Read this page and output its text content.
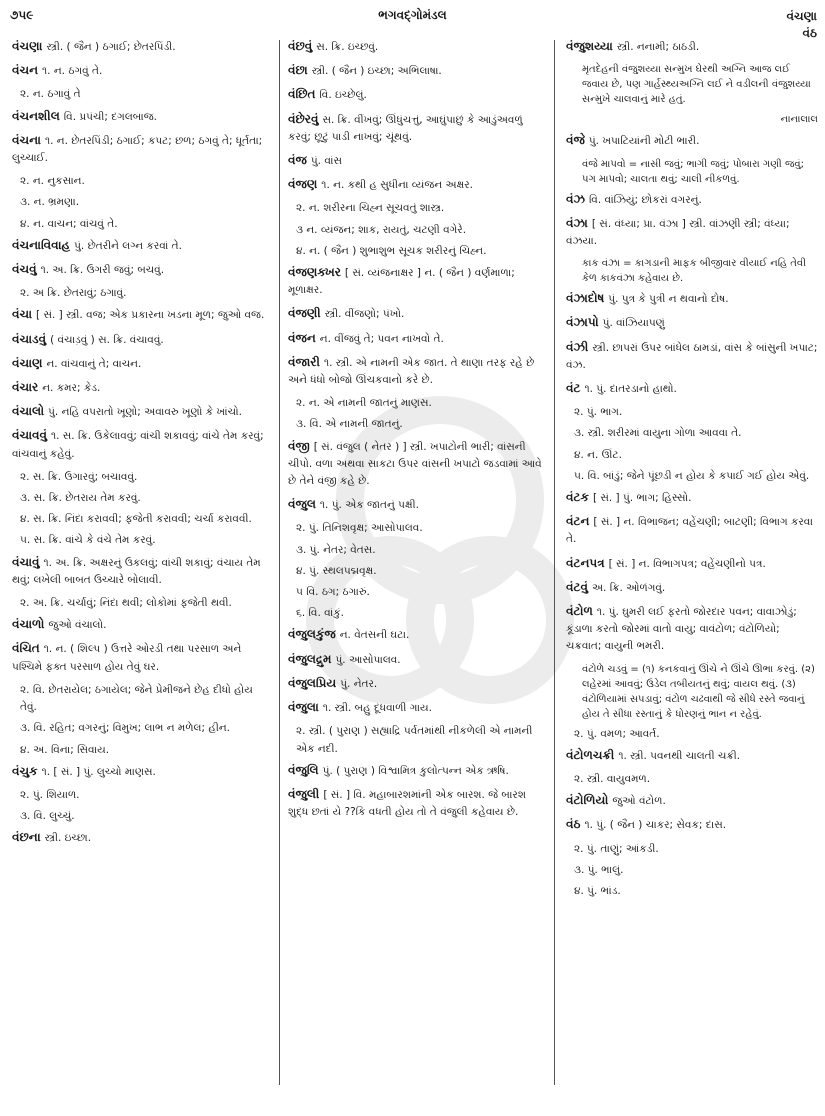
૭૫૯	ભગવદ્ગોમંડલ	વંચણા
વંઠ
વંચણા સ્ત્રી. ( જૈન ) ઠગાઈ; છેતરપિંડી.
વંચન ૧. ન. ઠગવું તે.
૨. ન. ઠગાવું તે
વંચનશીલ વિ. પ્રપંચી; દગલબાજ.
વંચના ૧. ન. છેતરપિંડી; ઠગાઈ; કપટ; છળ; ઠગવું તે; ધૂર્તતા; લુચ્ચાઈ.
૨. ન. નુકસાન.
૩. ન. ભ્રમણા.
૪. ન. વાચન; વાંચવું તે.
વંચનાવિવાહ પું. છેતરીને લગ્ન કરવાં તે.
વંચવું ૧. અ. ક્રિ. ઉગરી જવું; બચવું.
૨. અ ક્રિ. છેતરાવું; ઠગાવું.
વંચા [ સં. ] સ્ત્રી. વજ; એક પ્રકારના ખડના મૂળ; જુઓ વજ.
વંચાડવું ( વંચાડ઼વું ) સ. ક્રિ. વંચાવવું.
વંચાણ ન. વાંચવાનું તે; વાચન.
વંચાર ન. કમર; કેડ.
વંચાલો પું. નહિ વપરાતો ખૂણો; અવાવરુ ખૂણો કે ખાંચો.
વંચાવવું ૧. સ. ક્રિ. ઉકેલાવવું; વાંચી શકાવવું; વાંચે તેમ કરવું; વાંચવાનું કહેવું.
૨. સ. ક્રિ. ઉગારવું; બચાવવું.
૩. સ. ક્રિ. છેતરાય તેમ કરવું.
૪. સ. ક્રિ. નિંદા કરાવવી; ફજેતી કરાવવી; ચર્ચા કરાવવી.
૫. સ. ક્રિ. વાંચે કે વંચે તેમ કરવું.
વંચાવું ૧. અ. ક્રિ. અક્ષરનું ઉકલવું; વાંચી શકાવું; વંચાય તેમ થવું; લખેલી બાબત ઉચ્ચારે બોલાવી.
૨. અ. ક્રિ. ચર્ચાવું; નિંદા થવી; લોકોમાં ફજેતી થવી.
વંચાળો જુઓ વંચાલો.
વંચિત ૧. ન. ( શિલ્પ ) ઉત્તરે ઓરડી તથા પરસાળ અને પશ્ચિમે ફક્ત પરસાળ હોય તેવું ઘર.
૨. વિ. છેતરાયેલ; ઠગાયેલ; જેને પ્રેમીજને છેહ દીધો હોય તેવું.
૩. વિ. રહિત; વગરનું; વિમુખ; લાભ ન મળેલ; હીન.
૪. અ. વિના; સિવાય.
વંચુક ૧. [ સં. ] પું. લુચ્ચો માણસ.
૨. પું. શિયાળ.
૩. વિ. લુચ્ચું.
વંછના સ્ત્રી. ઇચ્છા.
વંછવું સ. ક્રિ. ઇચ્છવું.
વંછા સ્ત્રી. ( જૈન ) ઇચ્છા; અભિલાષા.
વંછિત વિ. ઇચ્છેલું.
વંછેરવું સ. ક્રિ. વીંખવું; ઊંધુંચત્તું, આઘુંપાછું કે આડુંઅવળું કરવું; છૂટું પાડી નાખવું; ચૂંથવું.
વંજ પું. વાંસ
વંજણ ૧. ન. કથી હ સુધીના વ્યંજન અક્ષર.
૨. ન. શરીરના ચિહ્ન સૂચવતું શાસ્ત્ર.
૩ ન. વ્યંજન; શાક, રાયતું, ચટણી વગેરે.
૪. ન. ( જૈન ) શુભાશુભ સૂચક શરીરનું ચિહ્ન.
વંજણક્ખર [ સં. વ્યંજનાક્ષર ] ન. ( જૈન ) વર્ણમાળા; મૂળાક્ષર.
વંજણી સ્ત્રી. વીંજણો; પંખો.
વંજન ન. વીંજવું તે; પવન નાખવો તે.
વંજારી ૧. સ્ત્રી. એ નામની એક જાત. તે થાણા તરફ રહે છે અને ધંધો બોજો ઊંચકવાનો કરે છે.
૨. ન. એ નામની જાતનું માણસ.
૩. વિ. એ નામની જાતનું.
વંજી [ સં. વંજુલ ( નેતર ) ] સ્ત્રી. ખપાટોની ભારી; વાંસની ચીપો. વળા અથવા સાકટા ઉપર વાંસની ખપાટો જડવામાં આવે છે તેને વંજી કહે છે.
વંજુલ ૧. પું. એક જાતનું પક્ષી.
૨. પું. તિનિશવૃક્ષ; આસોપાલવ.
૩. પું. નેતર; વેતસ.
૪. પું. સ્થલપદ્મવૃક્ષ.
૫ વિ. ઠગ; ઠગારું.
૬. વિ. વાંકું.
વંજુલકુંજ ન. વેતસની ઘટા.
વંજુલદ્રુમ પું. આસોપાલવ.
વંજુલપ્રિય પું. નેતર.
વંજુલા ૧. સ્ત્રી. બહુ દૂધવાળી ગાય.
૨. સ્ત્રી. ( પુરાણ ) સહ્યાદ્રિ પર્વતમાંથી નીકળેલી એ નામની એક નદી.
વંજુલિ પું. ( પુરાણ ) વિશ્વામિત્ર કુલોત્પન્ન એક ઋષિ.
વંજુલી [ સં. ] વિ. મહાબારશમાંની એક બારશ. જે બારશ શુદ્ધ છતાં યે ??કિ વધતી હોય તો તે વંજુલી કહેવાય છે.
વંજુશય્યા સ્ત્રી. નનામી; ઠાઠડી.
મૃતદેહની વંજુશય્યા સન્મુખ ઘેરથી અગ્નિ આજ લઈ જવાય છે, પણ ગાર્હસ્થ્યઅગ્નિ લઈ ને વડીલની વંજુશય્યા સન્મુખે ચાલવાનું મારે હતું.
નાનાલાલ
વંજે પું. ખપાટિયાંની મોટી ભારી.
વંજે માપવો = નાસી જવું; ભાગી જવું; પોબારા ગણી જવું; પગ માપવો; ચાલતા થવું; ચાલી નીકળવું.
વંઝ વિ. વાંઝિયું; છોકરાં વગરનું.
વંઝા [ સં. વંધ્યા; પ્રા. વંઝા ] સ્ત્રી. વાંઝણી સ્ત્રી; વંધ્યા; વંઝયા.
કાક વંઝા = કાગડાની માફક બીજીવાર વીયાઈ નહિ તેવી કેળ કાકવંઝા કહેવાય છે.
વંઝાદોષ પું. પુત્ર કે પુત્રી ન થવાનો દોષ.
વંઝાપો પું. વાંઝિયાપણું
વંઝી સ્ત્રી. છાપરાં ઉપર બાંધેલ ઠામડાં, વાંસ કે બાંસુની ખપાટ; વંઝ.
વંટ ૧. પું. દાતરડાનો હાથો.
૨. પું. ભાગ.
૩. સ્ત્રી. શરીરમાં વાયુના ગોળા આવવા તે.
૪. ન. ઊંટ.
૫. વિ. બાંડું; જેને પૂંછડી ન હોય કે કપાઈ ગઈ હોય એવું.
વંટક [ સં. ] પું. ભાગ; હિસ્સો.
વંટન [ સં. ] ન. વિભાજન; વહેંચણી; બાટણી; વિભાગ કરવા તે.
વંટનપત્ર [ સં. ] ન. વિભાગપત્ર; વહેંચણીનો પત્ર.
વંટવું અ. ક્રિ. ઓળંગવું.
વંટોળ ૧. પું. ઘુમરી લઈ ફરતો જોરદાર પવન; વાવાઝોડું; કૂંડાળા કરતો જોરમાં વાતો વાયુ; વાવંટોળ; વંટોળિયો; ચક્રવાત; વાયુની ભમરી.
વંટોળે ચડવું = (૧) કનકવાનું ઊંચે ને ઊંચે ઊભા કરવું. (૨) લહેરમાં આવવું; ઉડેલ તબીયતનું થવું; વાયલ થવું. (૩) વંટોળિયામાં સપડાવું; વંટોળ ચઢવાથી જે સીધે રસ્તે જવાનું હોય તે સીધા રસ્તાનું કે ધોરણનું ભાન ન રહેવું.
૨. પું. વમળ; આવર્ત.
વંટોળચક્રી ૧. સ્ત્રી. પવનથી ચાલતી ચક્રી.
૨. સ્ત્રી. વાયુવમળ.
વંટોળિયો જુઓ વંટોળ.
વંઠ ૧. પું. ( જૈન ) ચાકર; સેવક; દાસ.
૨. પું. તાણું; આંકડી.
૩. પું. ભાલું.
૪. પું. ભાંડ.
